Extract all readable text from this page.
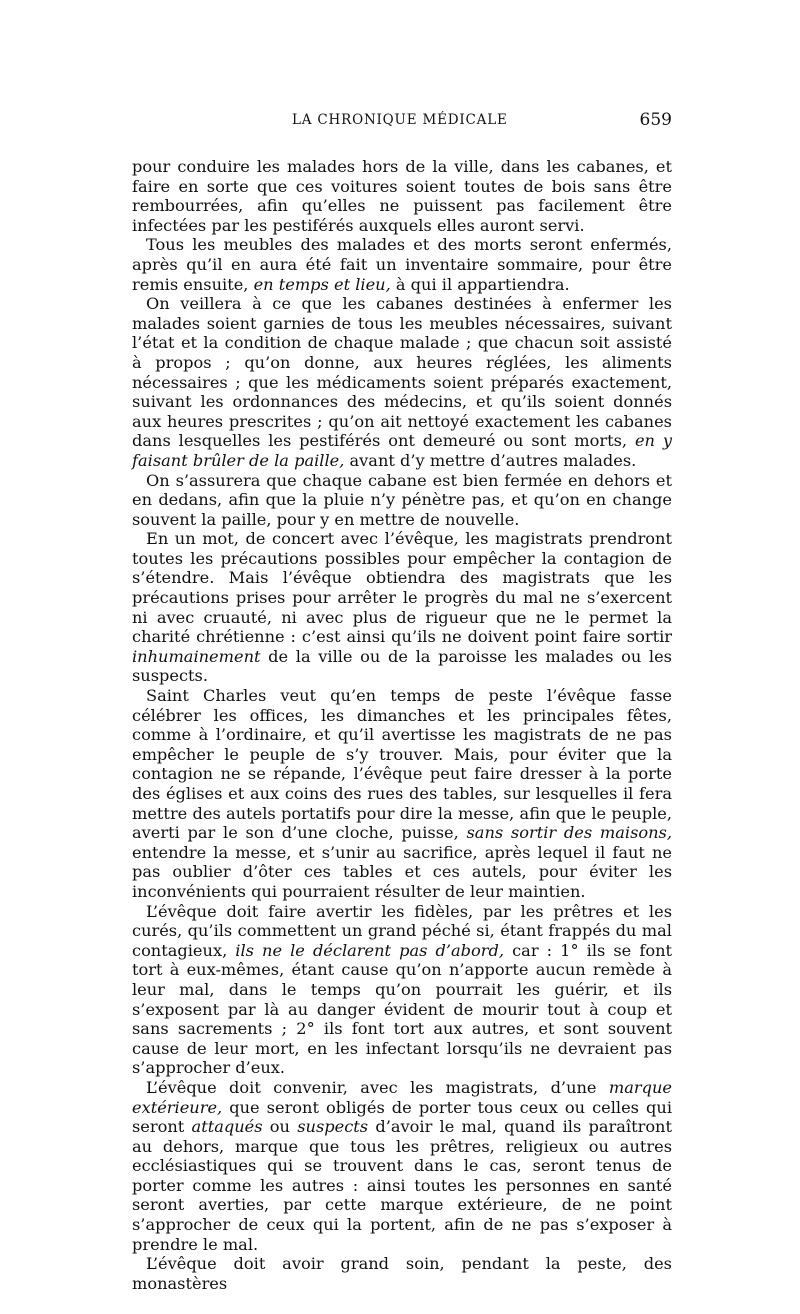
LA CHRONIQUE MÉDICALE	659

pour conduire les malades hors de la ville, dans les cabanes, et faire en sorte que ces voitures soient toutes de bois sans être rembourrées, afin qu’elles ne puissent pas facilement être infectées par les pestiférés auxquels elles auront servi.

Tous les meubles des malades et des morts seront enfermés, après qu’il en aura été fait un inventaire sommaire, pour être remis ensuite, en temps et lieu, à qui il appartiendra.

On veillera à ce que les cabanes destinées à enfermer les malades soient garnies de tous les meubles nécessaires, suivant l’état et la condition de chaque malade ; que chacun soit assisté à propos ; qu’on donne, aux heures réglées, les aliments nécessaires ; que les médicaments soient préparés exactement, suivant les ordonnances des médecins, et qu’ils soient donnés aux heures prescrites ; qu’on ait nettoyé exactement les cabanes dans lesquelles les pestiférés ont demeuré ou sont morts, en y faisant brûler de la paille, avant d’y mettre d’autres malades.

On s’assurera que chaque cabane est bien fermée en dehors et en dedans, afin que la pluie n’y pénètre pas, et qu’on en change souvent la paille, pour y en mettre de nouvelle.

En un mot, de concert avec l’évêque, les magistrats prendront toutes les précautions possibles pour empêcher la contagion de s’étendre. Mais l’évêque obtiendra des magistrats que les précautions prises pour arrêter le progrès du mal ne s’exercent ni avec cruauté, ni avec plus de rigueur que ne le permet la charité chrétienne : c’est ainsi qu’ils ne doivent point faire sortir inhumainement de la ville ou de la paroisse les malades ou les suspects.

Saint Charles veut qu’en temps de peste l’évêque fasse célébrer les offices, les dimanches et les principales fêtes, comme à l’ordinaire, et qu’il avertisse les magistrats de ne pas empêcher le peuple de s’y trouver. Mais, pour éviter que la contagion ne se répande, l’évêque peut faire dresser à la porte des églises et aux coins des rues des tables, sur lesquelles il fera mettre des autels portatifs pour dire la messe, afin que le peuple, averti par le son d’une cloche, puisse, sans sortir des maisons, entendre la messe, et s’unir au sacrifice, après lequel il faut ne pas oublier d’ôter ces tables et ces autels, pour éviter les inconvénients qui pourraient résulter de leur maintien.

L’évêque doit faire avertir les fidèles, par les prêtres et les curés, qu’ils commettent un grand péché si, étant frappés du mal contagieux, ils ne le déclarent pas d’abord, car : 1° ils se font tort à eux-mêmes, étant cause qu’on n’apporte aucun remède à leur mal, dans le temps qu’on pourrait les guérir, et ils s’exposent par là au danger évident de mourir tout à coup et sans sacrements ; 2° ils font tort aux autres, et sont souvent cause de leur mort, en les infectant lorsqu’ils ne devraient pas s’approcher d’eux.

L’évêque doit convenir, avec les magistrats, d’une marque extérieure, que seront obligés de porter tous ceux ou celles qui seront attaqués ou suspects d’avoir le mal, quand ils paraîtront au dehors, marque que tous les prêtres, religieux ou autres ecclésiastiques qui se trouvent dans le cas, seront tenus de porter comme les autres : ainsi toutes les personnes en santé seront averties, par cette marque extérieure, de ne point s’approcher de ceux qui la portent, afin de ne pas s’exposer à prendre le mal.

L’évêque doit avoir grand soin, pendant la peste, des monastères
